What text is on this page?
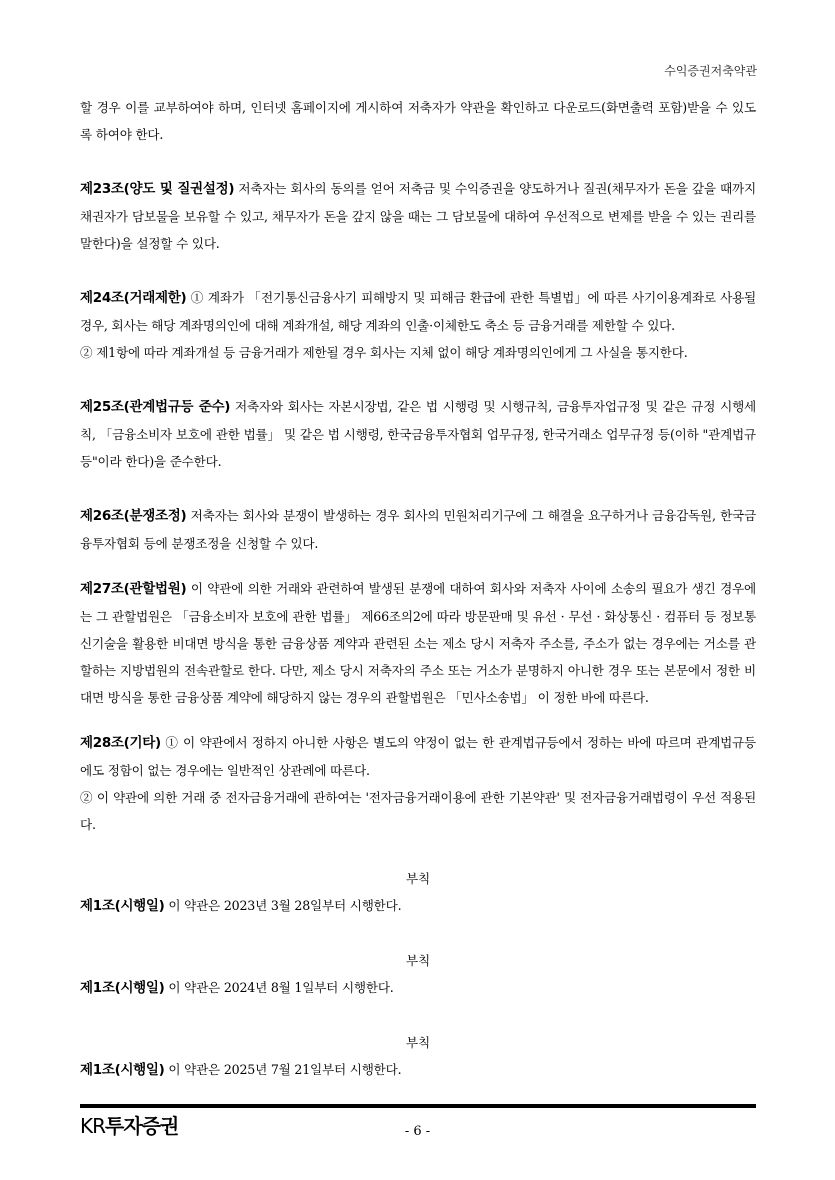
수익증권저축약관

할 경우 이를 교부하여야 하며, 인터넷 홈페이지에 게시하여 저축자가 약관을 확인하고 다운로드(화면출력 포함)받을 수 있도록 하여야 한다.

제23조(양도 및 질권설정) 저축자는 회사의 동의를 얻어 저축금 및 수익증권을 양도하거나 질권(채무자가 돈을 갚을 때까지 채권자가 담보물을 보유할 수 있고, 채무자가 돈을 갚지 않을 때는 그 담보물에 대하여 우선적으로 변제를 받을 수 있는 권리를 말한다)을 설정할 수 있다.

제24조(거래제한) ① 계좌가 「전기통신금융사기 피해방지 및 피해금 환급에 관한 특별법」에 따른 사기이용계좌로 사용될 경우, 회사는 해당 계좌명의인에 대해 계좌개설, 해당 계좌의 인출·이체한도 축소 등 금융거래를 제한할 수 있다.

② 제1항에 따라 계좌개설 등 금융거래가 제한될 경우 회사는 지체 없이 해당 계좌명의인에게 그 사실을 통지한다.

제25조(관계법규등 준수) 저축자와 회사는 자본시장법, 같은 법 시행령 및 시행규칙, 금융투자업규정 및 같은 규정 시행세칙, 「금융소비자 보호에 관한 법률」 및 같은 법 시행령, 한국금융투자협회 업무규정, 한국거래소 업무규정 등(이하 "관계법규등"이라 한다)을 준수한다.

제26조(분쟁조정) 저축자는 회사와 분쟁이 발생하는 경우 회사의 민원처리기구에 그 해결을 요구하거나 금융감독원, 한국금융투자협회 등에 분쟁조정을 신청할 수 있다.

제27조(관할법원) 이 약관에 의한 거래와 관련하여 발생된 분쟁에 대하여 회사와 저축자 사이에 소송의 필요가 생긴 경우에는 그 관할법원은 「금융소비자 보호에 관한 법률」 제66조의2에 따라 방문판매 및 유선 · 무선 · 화상통신 · 컴퓨터 등 정보통신기술을 활용한 비대면 방식을 통한 금융상품 계약과 관련된 소는 제소 당시 저축자 주소를, 주소가 없는 경우에는 거소를 관할하는 지방법원의 전속관할로 한다. 다만, 제소 당시 저축자의 주소 또는 거소가 분명하지 아니한 경우 또는 본문에서 정한 비대면 방식을 통한 금융상품 계약에 해당하지 않는 경우의 관할법원은 「민사소송법」 이 정한 바에 따른다.

제28조(기타) ① 이 약관에서 정하지 아니한 사항은 별도의 약정이 없는 한 관계법규등에서 정하는 바에 따르며 관계법규등에도 정함이 없는 경우에는 일반적인 상관례에 따른다.

② 이 약관에 의한 거래 중 전자금융거래에 관하여는 '전자금융거래이용에 관한 기본약관' 및 전자금융거래법령이 우선 적용된다.

부칙

제1조(시행일) 이 약관은 2023년 3월 28일부터 시행한다.

부칙

제1조(시행일) 이 약관은 2024년 8월 1일부터 시행한다.

부칙

제1조(시행일) 이 약관은 2025년 7월 21일부터 시행한다.

KR투자증권	- 6 -
